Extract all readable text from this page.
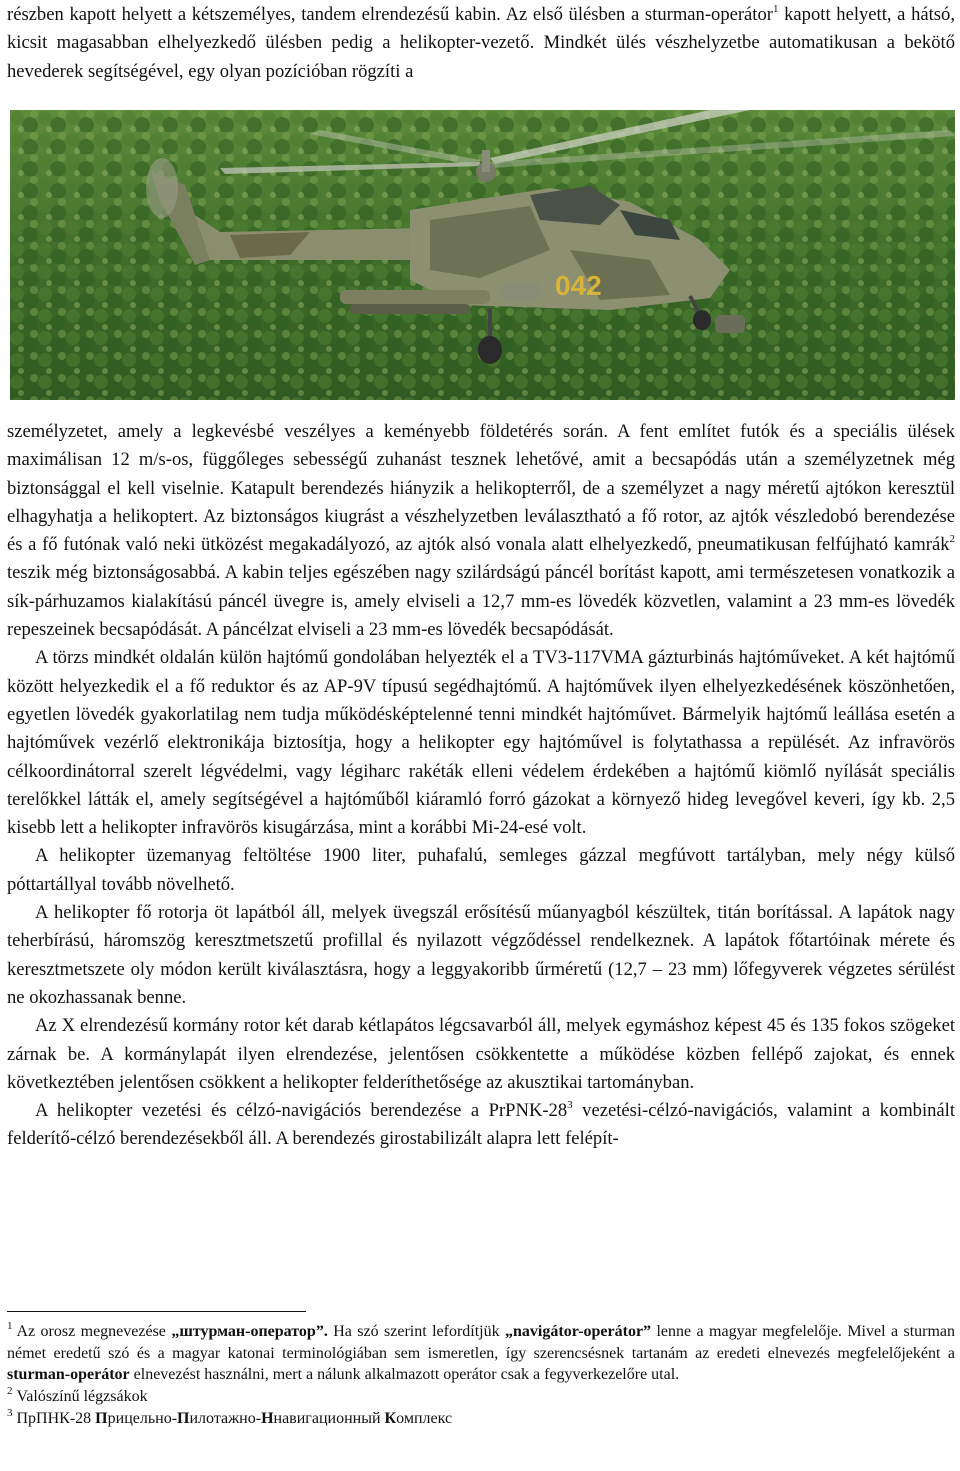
részben kapott helyett a kétszemélyes, tandem elrendezésű kabin. Az első ülésben a sturman-operátor$^1$ kapott helyett, a hátsó, kicsit magasabban elhelyezkedő ülésben pedig a helikopter-vezető. Mindkét ülés vészhelyzetbe automatikusan a bekötő hevederek segítségével, egy olyan pozícióban rögzíti a

042

személyzetet, amely a legkevésbé veszélyes a keményebb földetérés során. A fent említet futók és a speciális ülések maximálisan 12 m/s-os, függőleges sebességű zuhanást tesznek lehetővé, amit a becsapódás után a személyzetnek még biztonsággal el kell viselnie. Katapult berendezés hiányzik a helikopterről, de a személyzet a nagy méretű ajtókon keresztül elhagyhatja a helikoptert. Az biztonságos kiugrást a vészhelyzetben leválasztható a fő rotor, az ajtók vészledobó berendezése és a fő futónak való neki ütközést megakadályozó, az ajtók alsó vonala alatt elhelyezkedő, pneumatikusan felfújható kamrák$^2$ teszik még biztonságosabbá. A kabin teljes egészében nagy szilárdságú páncél borítást kapott, ami természetesen vonatkozik a sík-párhuzamos kialakítású páncél üvegre is, amely elviseli a 12,7 mm-es lövedék közvetlen, valamint a 23 mm-es lövedék repeszeinek becsapódását. A páncélzat elviseli a 23 mm-es lövedék becsapódását.

A törzs mindkét oldalán külön hajtómű gondolában helyezték el a TV3-117VMA gázturbinás hajtóműveket. A két hajtómű között helyezkedik el a fő reduktor és az AP-9V típusú segédhajtómű. A hajtóművek ilyen elhelyezkedésének köszönhetően, egyetlen lövedék gyakorlatilag nem tudja működésképtelenné tenni mindkét hajtóművet. Bármelyik hajtómű leállása esetén a hajtóművek vezérlő elektronikája biztosítja, hogy a helikopter egy hajtóművel is folytathassa a repülését. Az infravörös célkoordinátorral szerelt légvédelmi, vagy légiharc rakéták elleni védelem érdekében a hajtómű kiömlő nyílását speciális terelőkkel látták el, amely segítségével a hajtóműből kiáramló forró gázokat a környező hideg levegővel keveri, így kb. 2,5 kisebb lett a helikopter infravörös kisugárzása, mint a korábbi Mi-24-esé volt.

A helikopter üzemanyag feltöltése 1900 liter, puhafalú, semleges gázzal megfúvott tartályban, mely négy külső póttartállyal tovább növelhető.

A helikopter fő rotorja öt lapátból áll, melyek üvegszál erősítésű műanyagból készültek, titán borítással. A lapátok nagy teherbírású, háromszög keresztmetszetű profillal és nyilazott végződéssel rendelkeznek. A lapátok főtartóinak mérete és keresztmetszete oly módon került kiválasztásra, hogy a leggyakoribb űrméretű (12,7 – 23 mm) lőfegyverek végzetes sérülést ne okozhassanak benne.

Az X elrendezésű kormány rotor két darab kétlapátos légcsavarból áll, melyek egymáshoz képest 45 és 135 fokos szögeket zárnak be. A kormánylapát ilyen elrendezése, jelentősen csökkentette a működése közben fellépő zajokat, és ennek következtében jelentősen csökkent a helikopter felderíthetősége az akusztikai tartományban.

A helikopter vezetési és célzó-navigációs berendezése a PrPNK-$28^3$ vezetési-célzó-navigációs, valamint a kombinált felderítő-célzó berendezésekből áll. A berendezés girostabilizált alapra lett felépít-

$^1$ Az orosz megnevezése „штурман-оператор”. Ha szó szerint lefordítjük „navigátor-operátor” lenne a magyar megfelelője. Mivel a sturman német eredetű szó és a magyar katonai terminológiában sem ismeretlen, így szerencsésnek tartanám az eredeti elnevezés megfelelőjeként a sturman-operátor elnevezést használni, mert a nálunk alkalmazott operátor csak a fegyverkezelőre utal.

$^2$ Valószínű légzsákok

$^3$ ПрПНК-28 Прицельно-Пилотажно-Ннавигационный Комплекс
